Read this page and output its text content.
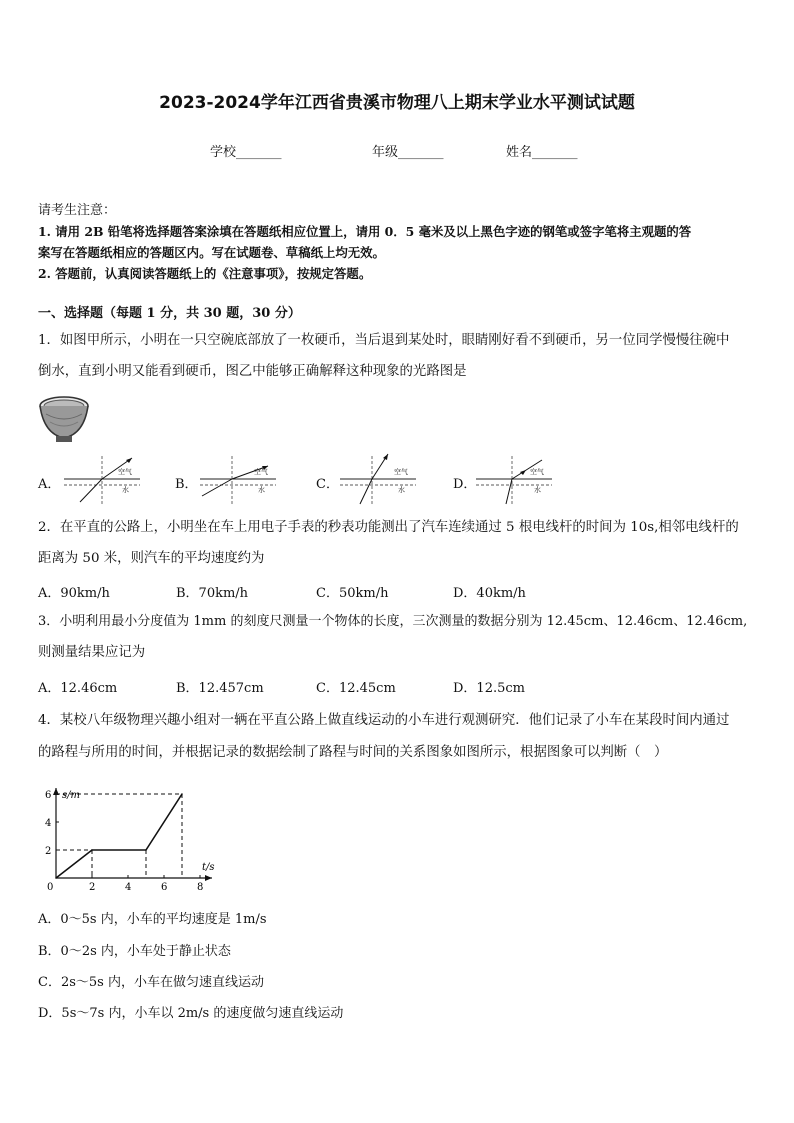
2023-2024学年江西省贵溪市物理八上期末学业水平测试试题
学校_______	年级_______	姓名_______
请考生注意：
1. 请用 2B 铅笔将选择题答案涂填在答题纸相应位置上，请用 0．5 毫米及以上黑色字迹的钢笔或签字笔将主观题的答
案写在答题纸相应的答题区内。写在试题卷、草稿纸上均无效。
2. 答题前，认真阅读答题纸上的《注意事项》，按规定答题。
一、选择题（每题 1 分，共 30 题，30 分）
1．如图甲所示，小明在一只空碗底部放了一枚硬币，当后退到某处时，眼睛刚好看不到硬币，另一位同学慢慢往碗中
倒水，直到小明又能看到硬币，图乙中能够正确解释这种现象的光路图是
A．
空气
水	B．
空气
水	C．
空气
水	D．
空气
水
2．在平直的公路上，小明坐在车上用电子手表的秒表功能测出了汽车连续通过 5 根电线杆的时间为 10s,相邻电线杆的
距离为 50 米，则汽车的平均速度约为
A．90km/h	B．70km/h	C．50km/h	D．40km/h
3．小明利用最小分度值为 1mm 的刻度尺测量一个物体的长度，三次测量的数据分别为 12.45cm、12.46cm、12.46cm,
则测量结果应记为
A．12.46cm	B．12.457cm	C．12.45cm	D．12.5cm
4．某校八年级物理兴趣小组对一辆在平直公路上做直线运动的小车进行观测研究．他们记录了小车在某段时间内通过
的路程与所用的时间，并根据记录的数据绘制了路程与时间的关系图象如图所示，根据图象可以判断（　）
s/m
t/s
0	2	4	6	8
2
4
6
A．0～5s 内，小车的平均速度是 1m/s
B．0～2s 内，小车处于静止状态
C．2s～5s 内，小车在做匀速直线运动
D．5s～7s 内，小车以 2m/s 的速度做匀速直线运动
